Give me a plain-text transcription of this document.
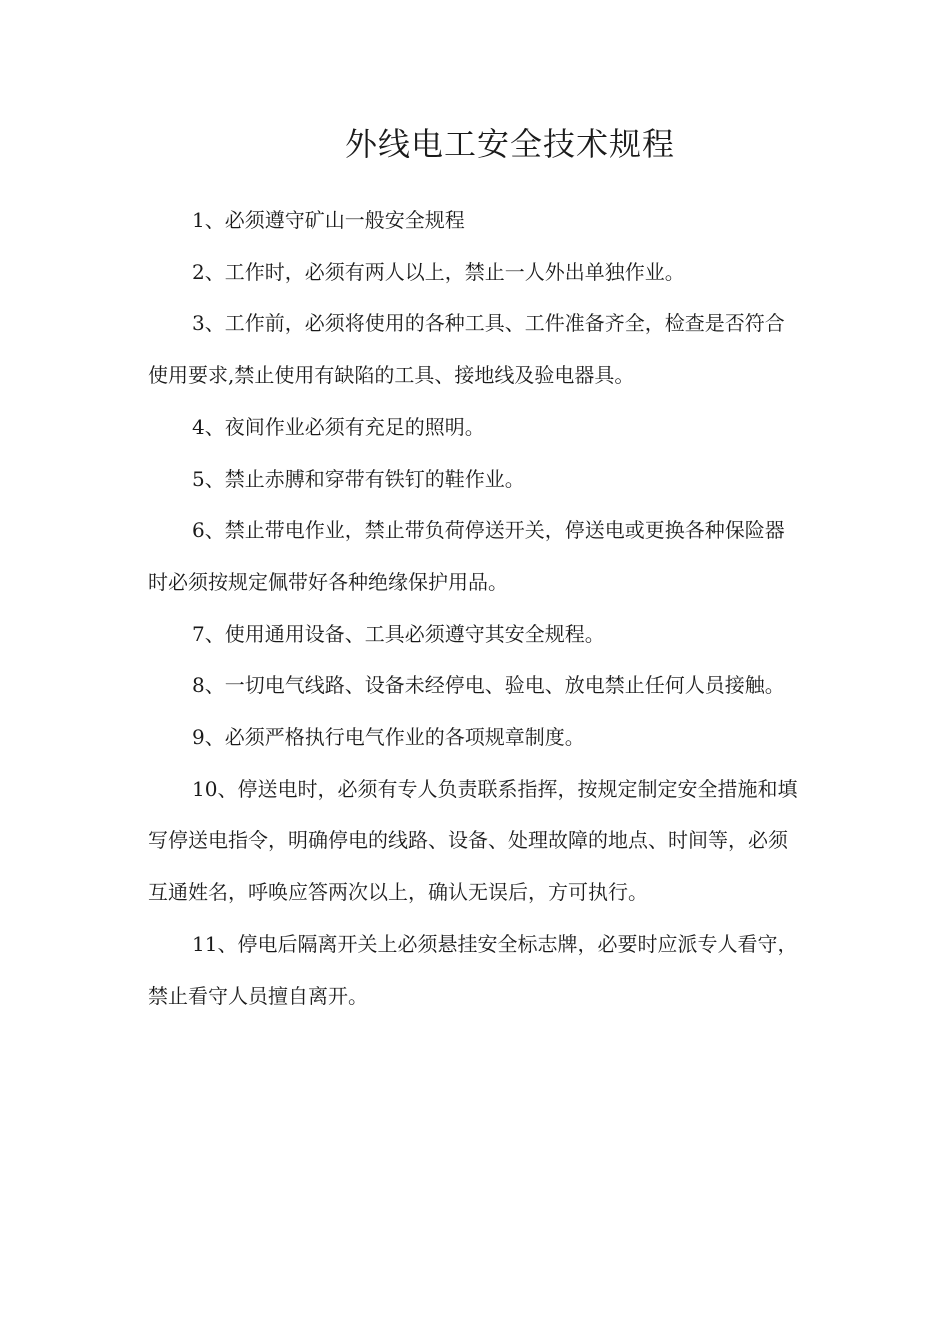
外线电工安全技术规程

1、必须遵守矿山一般安全规程

2、工作时，必须有两人以上，禁止一人外出单独作业。

3、工作前，必须将使用的各种工具、工件准备齐全，检查是否符合使用要求,禁止使用有缺陷的工具、接地线及验电器具。

4、夜间作业必须有充足的照明。

5、禁止赤膊和穿带有铁钉的鞋作业。

6、禁止带电作业，禁止带负荷停送开关，停送电或更换各种保险器时必须按规定佩带好各种绝缘保护用品。

7、使用通用设备、工具必须遵守其安全规程。

8、一切电气线路、设备未经停电、验电、放电禁止任何人员接触。

9、必须严格执行电气作业的各项规章制度。

10、停送电时，必须有专人负责联系指挥，按规定制定安全措施和填写停送电指令，明确停电的线路、设备、处理故障的地点、时间等，必须互通姓名，呼唤应答两次以上，确认无误后，方可执行。

11、停电后隔离开关上必须悬挂安全标志牌，必要时应派专人看守，禁止看守人员擅自离开。
